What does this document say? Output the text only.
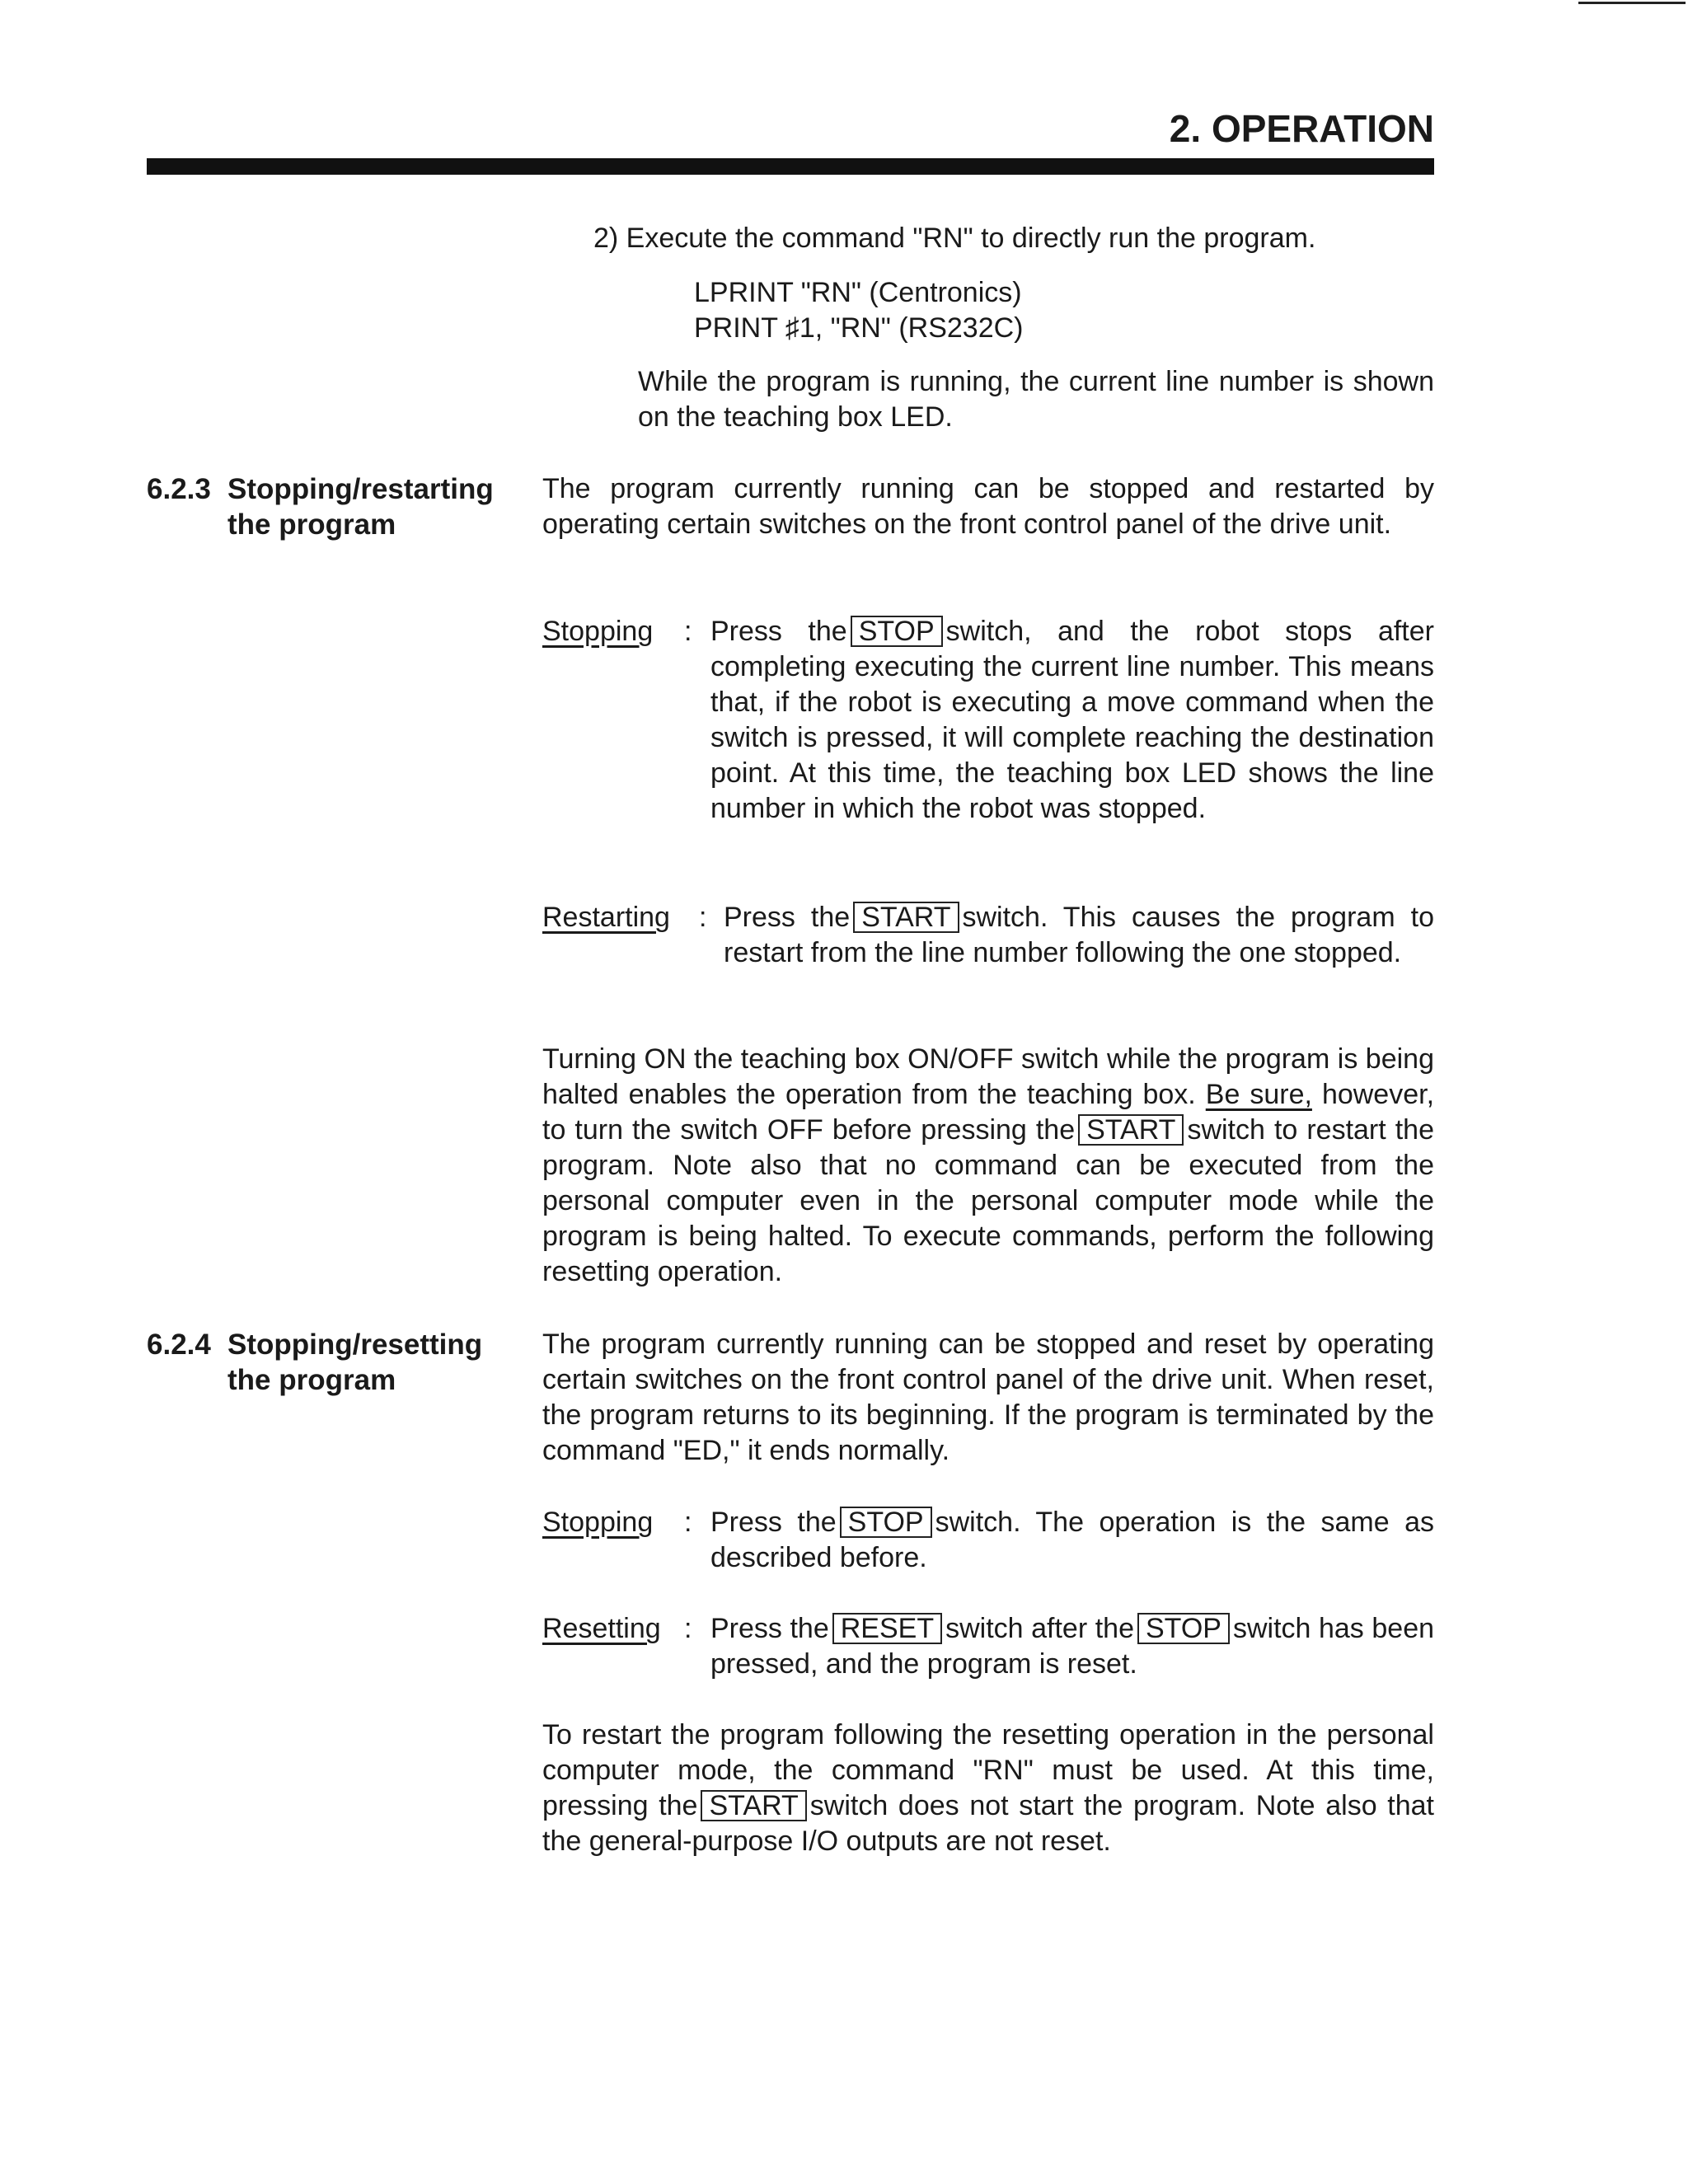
2. OPERATION

2) Execute the command "RN" to directly run the program.

LPRINT "RN" (Centronics)
PRINT ♯1, "RN" (RS232C)

While the program is running, the current line number is shown on the teaching box LED.

6.2.3 Stopping/restarting
the program

The program currently running can be stopped and restarted by operating certain switches on the front control panel of the drive unit.

Stopping : Press the STOP switch, and the robot stops after completing executing the current line number. This means that, if the robot is executing a move command when the switch is pressed, it will complete reaching the destination point. At this time, the teaching box LED shows the line number in which the robot was stopped.

Restarting : Press the START switch. This causes the program to restart from the line number following the one stopped.

Turning ON the teaching box ON/OFF switch while the program is being halted enables the operation from the teaching box. Be sure, however, to turn the switch OFF before pressing the START switch to restart the program. Note also that no command can be executed from the personal computer even in the personal computer mode while the program is being halted. To execute commands, perform the following resetting operation.

6.2.4 Stopping/resetting
the program

The program currently running can be stopped and reset by operating certain switches on the front control panel of the drive unit. When reset, the program returns to its beginning. If the program is terminated by the command "ED," it ends normally.

Stopping : Press the STOP switch. The operation is the same as described before.

Resetting : Press the RESET switch after the STOP switch has been pressed, and the program is reset.

To restart the program following the resetting operation in the personal computer mode, the command "RN" must be used. At this time, pressing the START switch does not start the program. Note also that the general-purpose I/O outputs are not reset.
